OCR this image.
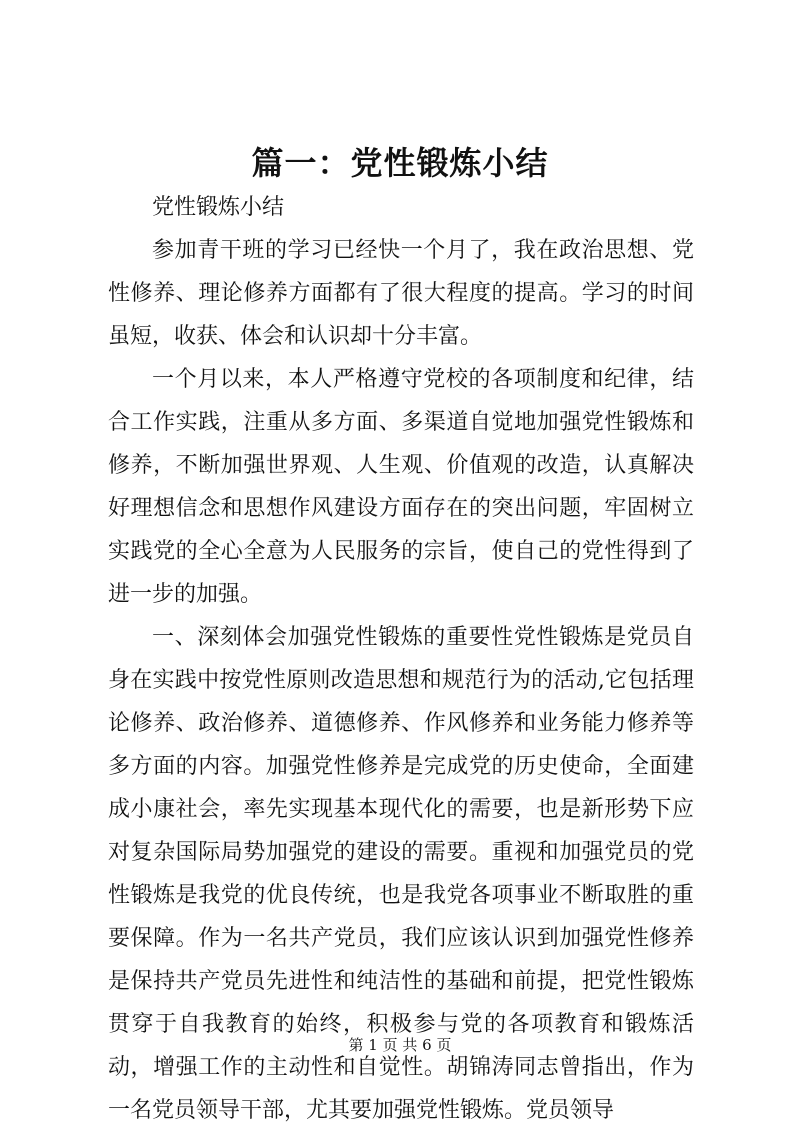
篇一：党性锻炼小结

党性锻炼小结

参加青干班的学习已经快一个月了，我在政治思想、党性修养、理论修养方面都有了很大程度的提高。学习的时间虽短，收获、体会和认识却十分丰富。

一个月以来，本人严格遵守党校的各项制度和纪律，结合工作实践，注重从多方面、多渠道自觉地加强党性锻炼和修养，不断加强世界观、人生观、价值观的改造，认真解决好理想信念和思想作风建设方面存在的突出问题，牢固树立实践党的全心全意为人民服务的宗旨，使自己的党性得到了进一步的加强。

一、深刻体会加强党性锻炼的重要性党性锻炼是党员自身在实践中按党性原则改造思想和规范行为的活动,它包括理论修养、政治修养、道德修养、作风修养和业务能力修养等多方面的内容。加强党性修养是完成党的历史使命，全面建成小康社会，率先实现基本现代化的需要，也是新形势下应对复杂国际局势加强党的建设的需要。重视和加强党员的党性锻炼是我党的优良传统，也是我党各项事业不断取胜的重要保障。作为一名共产党员，我们应该认识到加强党性修养是保持共产党员先进性和纯洁性的基础和前提，把党性锻炼贯穿于自我教育的始终，积极参与党的各项教育和锻炼活动，增强工作的主动性和自觉性。胡锦涛同志曾指出，作为一名党员领导干部，尤其要加强党性锻炼。党员领导

第 1 页 共 6 页
